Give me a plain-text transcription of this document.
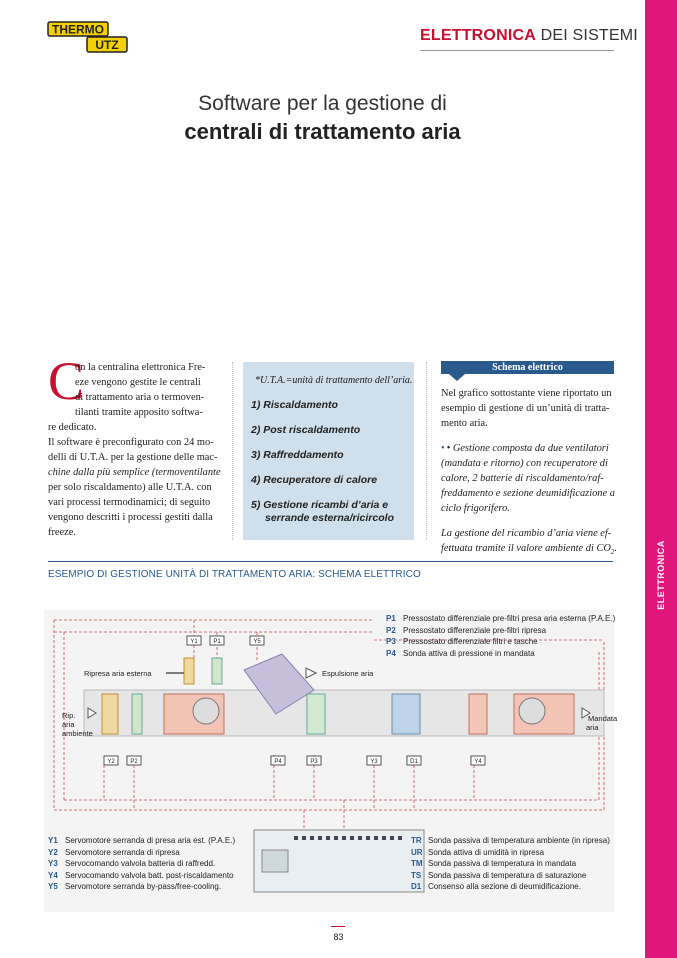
ELETTRONICA
THERMO
UTZ
ELETTRONICA DEI SISTEMI
Software per la gestione di
centrali di trattamento aria
C
on la centralina elettronica Fre-
eze vengono gestite le centrali
di trattamento aria o termoven-
tilanti tramite apposito softwa-
re dedicato.
Il software è preconfigurato con 24 mo-
delli di U.T.A. per la gestione delle mac-
chine dalla più semplice (termoventilante
per solo riscaldamento) alle U.T.A. con
vari processi termodinamici; di seguito
vengono descritti i processi gestiti dalla
freeze.
*U.T.A.=unità di trattamento dell’aria.
1) Riscaldamento
2) Post riscaldamento
3) Raffreddamento
4) Recuperatore di calore
5) Gestione ricambi d’aria e
serrande esterna/ricircolo
Schema elettrico
Nel grafico sottostante viene riportato un
esempio di gestione di un’unità di tratta-
mento aria.
• • Gestione composta da due ventilatori
(mandata e ritorno) con recuperatore di
calore, 2 batterie di riscaldamento/raf-
freddamento e sezione deumidificazione a
ciclo frigorifero.
La gestione del ricambio d’aria viene ef-
fettuata tramite il valore ambiente di $CO_2$.
ESEMPIO DI GESTIONE UNITÀ DI TRATTAMENTO ARIA: SCHEMA ELETTRICO
Ripresa aria esterna	Espulsione aria
Rip.
aria
ambiente
Mandata
aria
Y1	P1	Y5
Y2	P2	P4	P3	Y3	D1	Y4
P1 Pressostato differenziale pre-filtri presa aria esterna (P.A.E.)
P2 Pressostato differenziale pre-filtri ripresa
P3 Pressostato differenziale filtri e tasche
P4 Sonda attiva di pressione in mandata
Y1 Servomotore serranda di presa aria est. (P.A.E.)
Y2 Servomotore serranda di ripresa
Y3 Servocomando valvola batteria di raffredd.
Y4 Servocomando valvola batt. post-riscaldamento
Y5 Servomotore serranda by-pass/free-cooling.
TR Sonda passiva di temperatura ambiente (in ripresa)
UR Sonda attiva di umidità in ripresa
TM Sonda passiva di temperatura in mandata
TS Sonda passiva di temperatura di saturazione
D1 Consenso alla sezione di deumidificazione.
83
